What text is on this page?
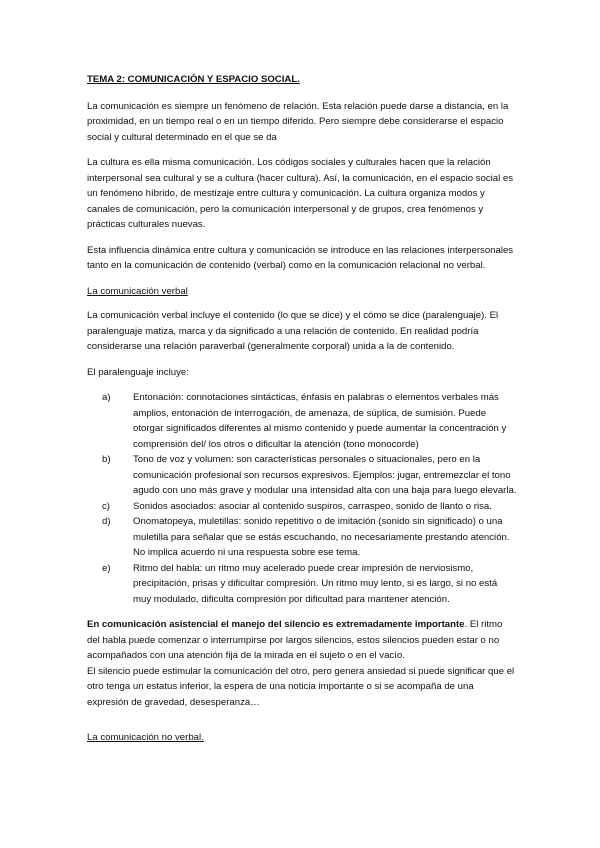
TEMA 2: COMUNICACIÓN Y ESPACIO SOCIAL.

La comunicación es siempre un fenómeno de relación. Esta relación puede darse a distancia, en la proximidad, en un tiempo real o en un tiempo diferido. Pero siempre debe considerarse el espacio social y cultural determinado en el que se da

La cultura es ella misma comunicación. Los códigos sociales y culturales hacen que la relación interpersonal sea cultural y se a cultura (hacer cultura). Así, la comunicación, en el espacio social es un fenómeno híbrido, de mestizaje entre cultura y comunicación. La cultura organiza modos y canales de comunicación, pero la comunicación interpersonal y de grupos, crea fenómenos y prácticas culturales nuevas.

Esta influencia dinámica entre cultura y comunicación se introduce en las relaciones interpersonales tanto en la comunicación de contenido (verbal) como en la comunicación relacional no verbal.

La comunicación verbal

La comunicación verbal incluye el contenido (lo que se dice) y el cómo se dice (paralenguaje). El paralenguaje matiza, marca y da significado a una relación de contenido. En realidad podría considerarse una relación paraverbal (generalmente corporal) unida a la de contenido.

El paralenguaje incluye:

a) Entonación: connotaciones sintácticas, énfasis en palabras o elementos verbales más amplios, entonación de interrogación, de amenaza, de súplica, de sumisión. Puede otorgar significados diferentes al mismo contenido y puede aumentar la concentración y comprensión del/ los otros o dificultar la atención (tono monocorde)
b) Tono de voz y volumen: son características personales o situacionales, pero en la comunicación profesional son recursos expresivos. Ejemplos: jugar, entremezclar el tono agudo con uno más grave y modular una intensidad alta con una baja para luego elevarla.
c) Sonidos asociados: asociar al contenido suspiros, carraspeo, sonido de llanto o risa.
d) Onomatopeya, muletillas: sonido repetitivo o de imitación (sonido sin significado) o una muletilla para señalar que se estás escuchando, no necesariamente prestando atención. No implica acuerdo ni una respuesta sobre ese tema.
e) Ritmo del habla: un ritmo muy acelerado puede crear impresión de nerviosismo, precipitación, prisas y dificultar compresión. Un ritmo muy lento, si es largo, si no está muy modulado, dificulta compresión por dificultad para mantener atención.

En comunicación asistencial el manejo del silencio es extremadamente importante. El ritmo del habla puede comenzar o interrumpirse por largos silencios, estos silencios pueden estar o no acompañados con una atención fija de la mirada en el sujeto o en el vacío.

El silencio puede estimular la comunicación del otro, pero genera ansiedad si puede significar que el otro tenga un estatus inferior, la espera de una noticia importante o si se acompaña de una expresión de gravedad, desesperanza…

La comunicación no verbal.
